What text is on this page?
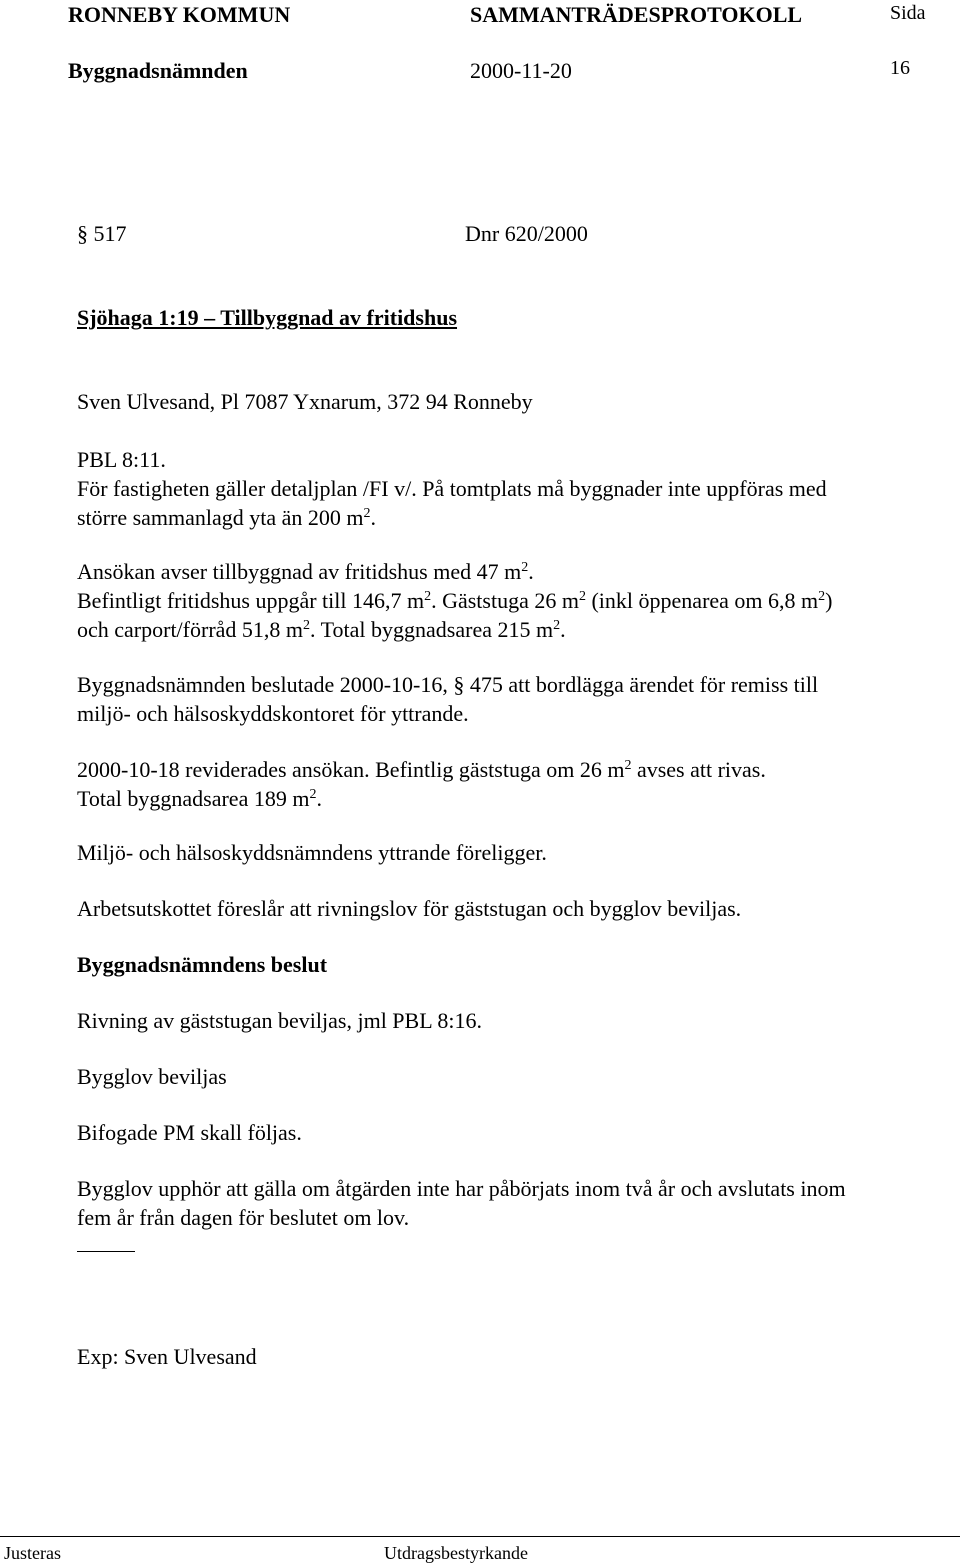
RONNEBY KOMMUN	SAMMANTRÄDESPROTOKOLL	Sida
Byggnadsnämnden	2000-11-20	16
§ 517	Dnr 620/2000
Sjöhaga 1:19 – Tillbyggnad av fritidshus
Sven Ulvesand, Pl 7087 Yxnarum, 372 94 Ronneby
PBL 8:11.
För fastigheten gäller detaljplan /FI v/. På tomtplats må byggnader inte uppföras med
större sammanlagd yta än 200 $m^2$.
Ansökan avser tillbyggnad av fritidshus med 47 $m^2$.
Befintligt fritidshus uppgår till 146,7 $m^2$. Gäststuga 26 $m^2$ (inkl öppenarea om 6,8 $m^2$)
och carport/förråd 51,8 $m^2$. Total byggnadsarea 215 $m^2$.
Byggnadsnämnden beslutade 2000-10-16, § 475 att bordlägga ärendet för remiss till
miljö- och hälsoskyddskontoret för yttrande.
2000-10-18 reviderades ansökan. Befintlig gäststuga om 26 $m^2$ avses att rivas.
Total byggnadsarea 189 $m^2$.
Miljö- och hälsoskyddsnämndens yttrande föreligger.
Arbetsutskottet föreslår att rivningslov för gäststugan och bygglov beviljas.
Byggnadsnämndens beslut
Rivning av gäststugan beviljas, jml PBL 8:16.
Bygglov beviljas
Bifogade PM skall följas.
Bygglov upphör att gälla om åtgärden inte har påbörjats inom två år och avslutats inom
fem år från dagen för beslutet om lov.
Exp: Sven Ulvesand
Justeras	Utdragsbestyrkande
